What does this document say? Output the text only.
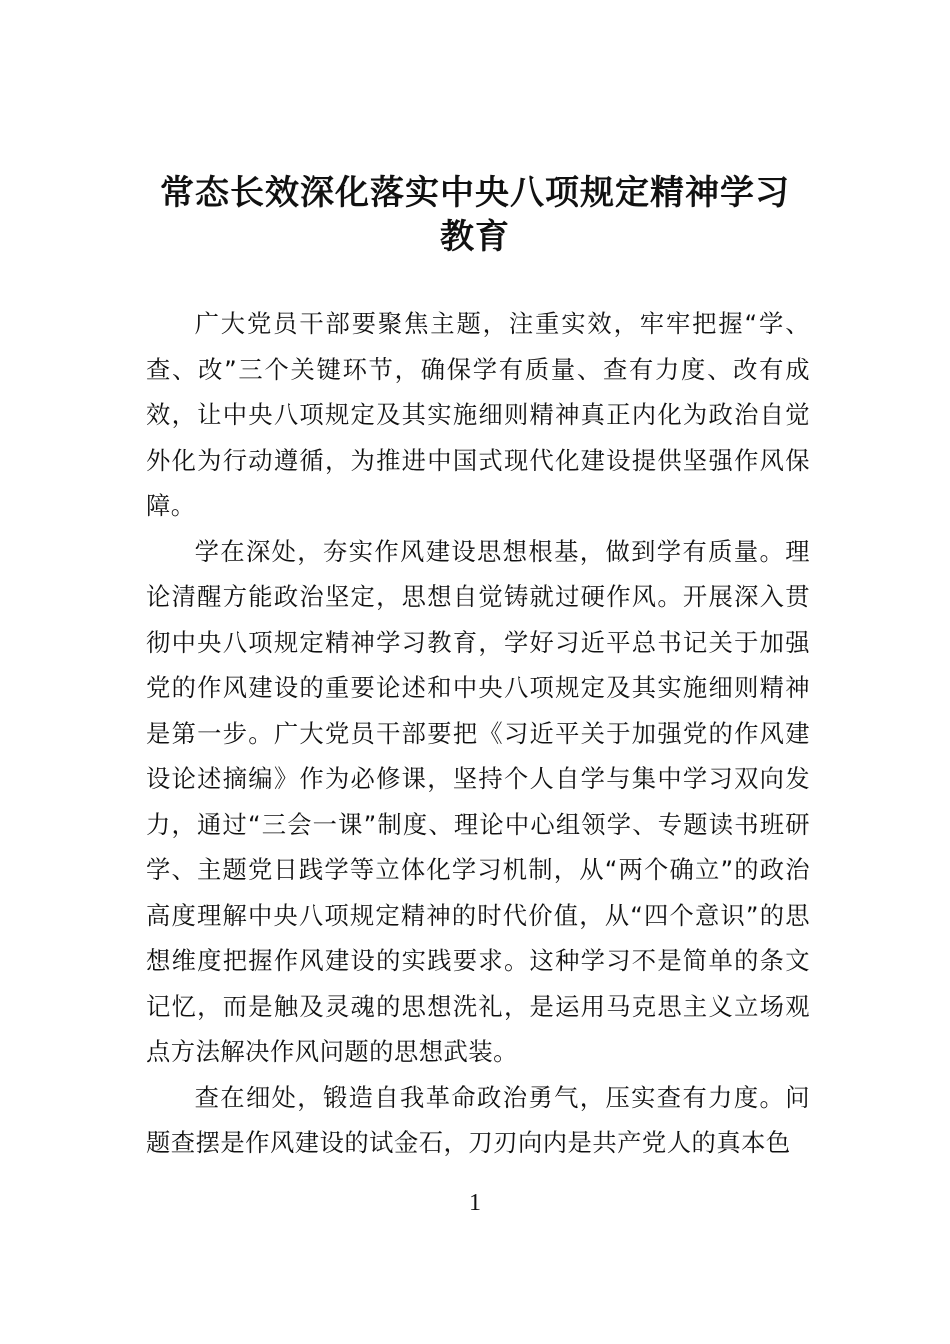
常态长效深化落实中央八项规定精神学习
教育

广大党员干部要聚焦主题，注重实效，牢牢把握“学、查、改”三个关键环节，确保学有质量、查有力度、改有成效，让中央八项规定及其实施细则精神真正内化为政治自觉外化为行动遵循，为推进中国式现代化建设提供坚强作风保障。

学在深处，夯实作风建设思想根基，做到学有质量。理论清醒方能政治坚定，思想自觉铸就过硬作风。开展深入贯彻中央八项规定精神学习教育，学好习近平总书记关于加强党的作风建设的重要论述和中央八项规定及其实施细则精神是第一步。广大党员干部要把《习近平关于加强党的作风建设论述摘编》作为必修课，坚持个人自学与集中学习双向发力，通过“三会一课”制度、理论中心组领学、专题读书班研学、主题党日践学等立体化学习机制，从“两个确立”的政治高度理解中央八项规定精神的时代价值，从“四个意识”的思想维度把握作风建设的实践要求。这种学习不是简单的条文记忆，而是触及灵魂的思想洗礼，是运用马克思主义立场观点方法解决作风问题的思想武装。

查在细处，锻造自我革命政治勇气，压实查有力度。问题查摆是作风建设的试金石，刀刃向内是共产党人的真本色

1
